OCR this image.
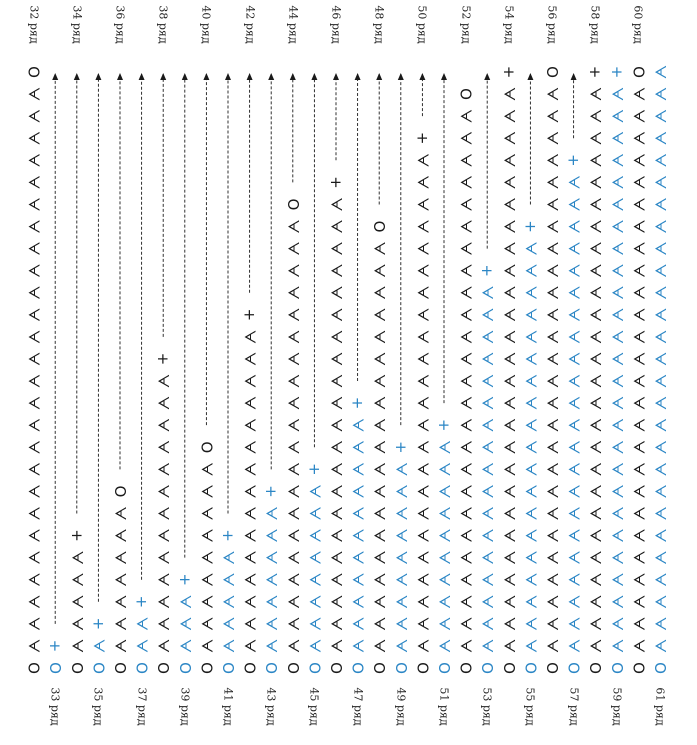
ᗄ
ᗄ
ᗄ
ᗄ
ᗄ
ᗄ
ᗄ
ᗄ
ᗄ
ᗄ
ᗄ
ᗄ
ᗄ
ᗄ
ᗄ
ᗄ
ᗄ
ᗄ
ᗄ
ᗄ
ᗄ
ᗄ
ᗄ
ᗄ
ᗄ
ᗄ
ᗄ
O
O
ᗄ
ᗄ
ᗄ
ᗄ
ᗄ
ᗄ
ᗄ
ᗄ
ᗄ
ᗄ
ᗄ
ᗄ
ᗄ
ᗄ
ᗄ
ᗄ
ᗄ
ᗄ
ᗄ
ᗄ
ᗄ
ᗄ
ᗄ
ᗄ
ᗄ
ᗄ
O
+
ᗄ
ᗄ
ᗄ
ᗄ
ᗄ
ᗄ
ᗄ
ᗄ
ᗄ
ᗄ
ᗄ
ᗄ
ᗄ
ᗄ
ᗄ
ᗄ
ᗄ
ᗄ
ᗄ
ᗄ
ᗄ
ᗄ
ᗄ
ᗄ
ᗄ
ᗄ
O
+
ᗄ
ᗄ
ᗄ
ᗄ
ᗄ
ᗄ
ᗄ
ᗄ
ᗄ
ᗄ
ᗄ
ᗄ
ᗄ
ᗄ
ᗄ
ᗄ
ᗄ
ᗄ
ᗄ
ᗄ
ᗄ
ᗄ
ᗄ
ᗄ
ᗄ
ᗄ
O
+
ᗄ
ᗄ
ᗄ
ᗄ
ᗄ
ᗄ
ᗄ
ᗄ
ᗄ
ᗄ
ᗄ
ᗄ
ᗄ
ᗄ
ᗄ
ᗄ
ᗄ
ᗄ
ᗄ
ᗄ
ᗄ
ᗄ
O
O
ᗄ
ᗄ
ᗄ
ᗄ
ᗄ
ᗄ
ᗄ
ᗄ
ᗄ
ᗄ
ᗄ
ᗄ
ᗄ
ᗄ
ᗄ
ᗄ
ᗄ
ᗄ
ᗄ
ᗄ
ᗄ
ᗄ
ᗄ
ᗄ
ᗄ
ᗄ
O
+
ᗄ
ᗄ
ᗄ
ᗄ
ᗄ
ᗄ
ᗄ
ᗄ
ᗄ
ᗄ
ᗄ
ᗄ
ᗄ
ᗄ
ᗄ
ᗄ
ᗄ
ᗄ
ᗄ
O
+
ᗄ
ᗄ
ᗄ
ᗄ
ᗄ
ᗄ
ᗄ
ᗄ
ᗄ
ᗄ
ᗄ
ᗄ
ᗄ
ᗄ
ᗄ
ᗄ
ᗄ
ᗄ
ᗄ
ᗄ
ᗄ
ᗄ
ᗄ
ᗄ
ᗄ
ᗄ
O
+
ᗄ
ᗄ
ᗄ
ᗄ
ᗄ
ᗄ
ᗄ
ᗄ
ᗄ
ᗄ
ᗄ
ᗄ
ᗄ
ᗄ
ᗄ
ᗄ
ᗄ
O
O
ᗄ
ᗄ
ᗄ
ᗄ
ᗄ
ᗄ
ᗄ
ᗄ
ᗄ
ᗄ
ᗄ
ᗄ
ᗄ
ᗄ
ᗄ
ᗄ
ᗄ
ᗄ
ᗄ
ᗄ
ᗄ
ᗄ
ᗄ
ᗄ
ᗄ
O
+
ᗄ
ᗄ
ᗄ
ᗄ
ᗄ
ᗄ
ᗄ
ᗄ
ᗄ
ᗄ
O
+
ᗄ
ᗄ
ᗄ
ᗄ
ᗄ
ᗄ
ᗄ
ᗄ
ᗄ
ᗄ
ᗄ
ᗄ
ᗄ
ᗄ
ᗄ
ᗄ
ᗄ
ᗄ
ᗄ
ᗄ
ᗄ
ᗄ
ᗄ
O
+
ᗄ
ᗄ
ᗄ
ᗄ
ᗄ
ᗄ
ᗄ
ᗄ
ᗄ
O
O
ᗄ
ᗄ
ᗄ
ᗄ
ᗄ
ᗄ
ᗄ
ᗄ
ᗄ
ᗄ
ᗄ
ᗄ
ᗄ
ᗄ
ᗄ
ᗄ
ᗄ
ᗄ
ᗄ
O
+
ᗄ
ᗄ
ᗄ
ᗄ
ᗄ
ᗄ
ᗄ
ᗄ
ᗄ
ᗄ
ᗄ
O
+
ᗄ
ᗄ
ᗄ
ᗄ
ᗄ
ᗄ
ᗄ
ᗄ
ᗄ
ᗄ
ᗄ
ᗄ
ᗄ
ᗄ
ᗄ
ᗄ
ᗄ
ᗄ
ᗄ
ᗄ
ᗄ
O
+
ᗄ
ᗄ
ᗄ
ᗄ
ᗄ
ᗄ
ᗄ
ᗄ
O
O
ᗄ
ᗄ
ᗄ
ᗄ
ᗄ
ᗄ
ᗄ
ᗄ
ᗄ
ᗄ
ᗄ
ᗄ
ᗄ
ᗄ
ᗄ
ᗄ
ᗄ
ᗄ
ᗄ
ᗄ
O
+
ᗄ
ᗄ
ᗄ
ᗄ
ᗄ
ᗄ
ᗄ
O
+
ᗄ
ᗄ
ᗄ
ᗄ
ᗄ
ᗄ
ᗄ
ᗄ
ᗄ
ᗄ
ᗄ
ᗄ
ᗄ
ᗄ
ᗄ
O
+
ᗄ
ᗄ
ᗄ
ᗄ
ᗄ
O
O
ᗄ
ᗄ
ᗄ
ᗄ
ᗄ
ᗄ
ᗄ
ᗄ
ᗄ
O
+
ᗄ
ᗄ
ᗄ
O
+
ᗄ
ᗄ
ᗄ
ᗄ
ᗄ
ᗄ
ᗄ
ᗄ
ᗄ
ᗄ
ᗄ
ᗄ
ᗄ
O
+
ᗄ
ᗄ
O
O
ᗄ
ᗄ
ᗄ
ᗄ
ᗄ
ᗄ
ᗄ
O
+
ᗄ
O
+
ᗄ
ᗄ
ᗄ
ᗄ
ᗄ
O
+
O
O
ᗄ
ᗄ
ᗄ
ᗄ
ᗄ
ᗄ
ᗄ
ᗄ
ᗄ
ᗄ
ᗄ
ᗄ
ᗄ
ᗄ
ᗄ
ᗄ
ᗄ
ᗄ
ᗄ
ᗄ
ᗄ
ᗄ
ᗄ
ᗄ
ᗄ
ᗄ
O
60 ряд
58 ряд
56 ряд
54 ряд
52 ряд
50 ряд
48 ряд
46 ряд
44 ряд
42 ряд
40 ряд
38 ряд
36 ряд
34 ряд
32 ряд
61 ряд
59 ряд
57 ряд
55 ряд
53 ряд
51 ряд
49 ряд
47 ряд
45 ряд
43 ряд
41 ряд
39 ряд
37 ряд
35 ряд
33 ряд
